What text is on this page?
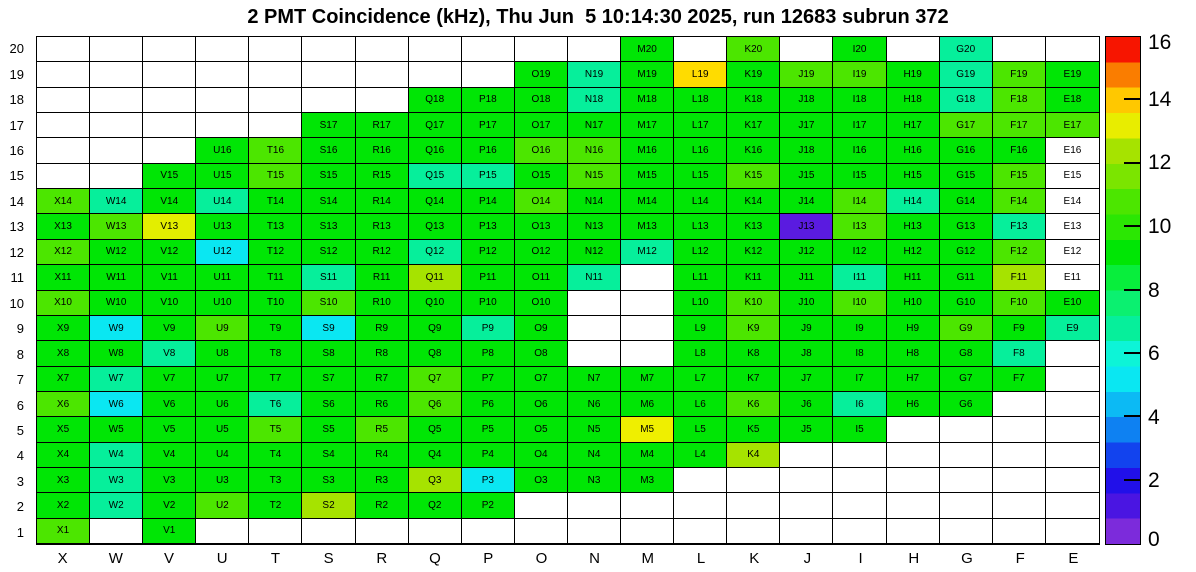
2 PMT Coincidence (kHz), Thu Jun  5 10:14:30 2025, run 12683 subrun 372
20
19
18
17
16
15
14
13
12
11
10
9
8
7
6
5
4
3
2
1
M20	K20	I20	G20
O19	N19	M19	L19	K19	J19	I19	H19	G19	F19	E19
Q18	P18	O18	N18	M18	L18	K18	J18	I18	H18	G18	F18	E18
S17	R17	Q17	P17	O17	N17	M17	L17	K17	J17	I17	H17	G17	F17	E17
U16	T16	S16	R16	Q16	P16	O16	N16	M16	L16	K16	J18	I16	H16	G16	F16	E16
V15	U15	T15	S15	R15	Q15	P15	O15	N15	M15	L15	K15	J15	I15	H15	G15	F15	E15
X14	W14	V14	U14	T14	S14	R14	Q14	P14	O14	N14	M14	L14	K14	J14	I14	H14	G14	F14	E14
X13	W13	V13	U13	T13	S13	R13	Q13	P13	O13	N13	M13	L13	K13	J13	I13	H13	G13	F13	E13
X12	W12	V12	U12	T12	S12	R12	Q12	P12	O12	N12	M12	L12	K12	J12	I12	H12	G12	F12	E12
X11	W11	V11	U11	T11	S11	R11	Q11	P11	O11	N11	L11	K11	J11	I11	H11	G11	F11	E11
X10	W10	V10	U10	T10	S10	R10	Q10	P10	O10	L10	K10	J10	I10	H10	G10	F10	E10
X9	W9	V9	U9	T9	S9	R9	Q9	P9	O9	L9	K9	J9	I9	H9	G9	F9	E9
X8	W8	V8	U8	T8	S8	R8	Q8	P8	O8	L8	K8	J8	I8	H8	G8	F8
X7	W7	V7	U7	T7	S7	R7	Q7	P7	O7	N7	M7	L7	K7	J7	I7	H7	G7	F7
X6	W6	V6	U6	T6	S6	R6	Q6	P6	O6	N6	M6	L6	K6	J6	I6	H6	G6
X5	W5	V5	U5	T5	S5	R5	Q5	P5	O5	N5	M5	L5	K5	J5	I5
X4	W4	V4	U4	T4	S4	R4	Q4	P4	O4	N4	M4	L4	K4
X3	W3	V3	U3	T3	S3	R3	Q3	P3	O3	N3	M3
X2	W2	V2	U2	T2	S2	R2	Q2	P2
X1	V1
X	W	V	U	T	S	R	Q	P	O	N	M	L	K	J	I	H	G	F	E
16
14
12
10
8
6
4
2
0
